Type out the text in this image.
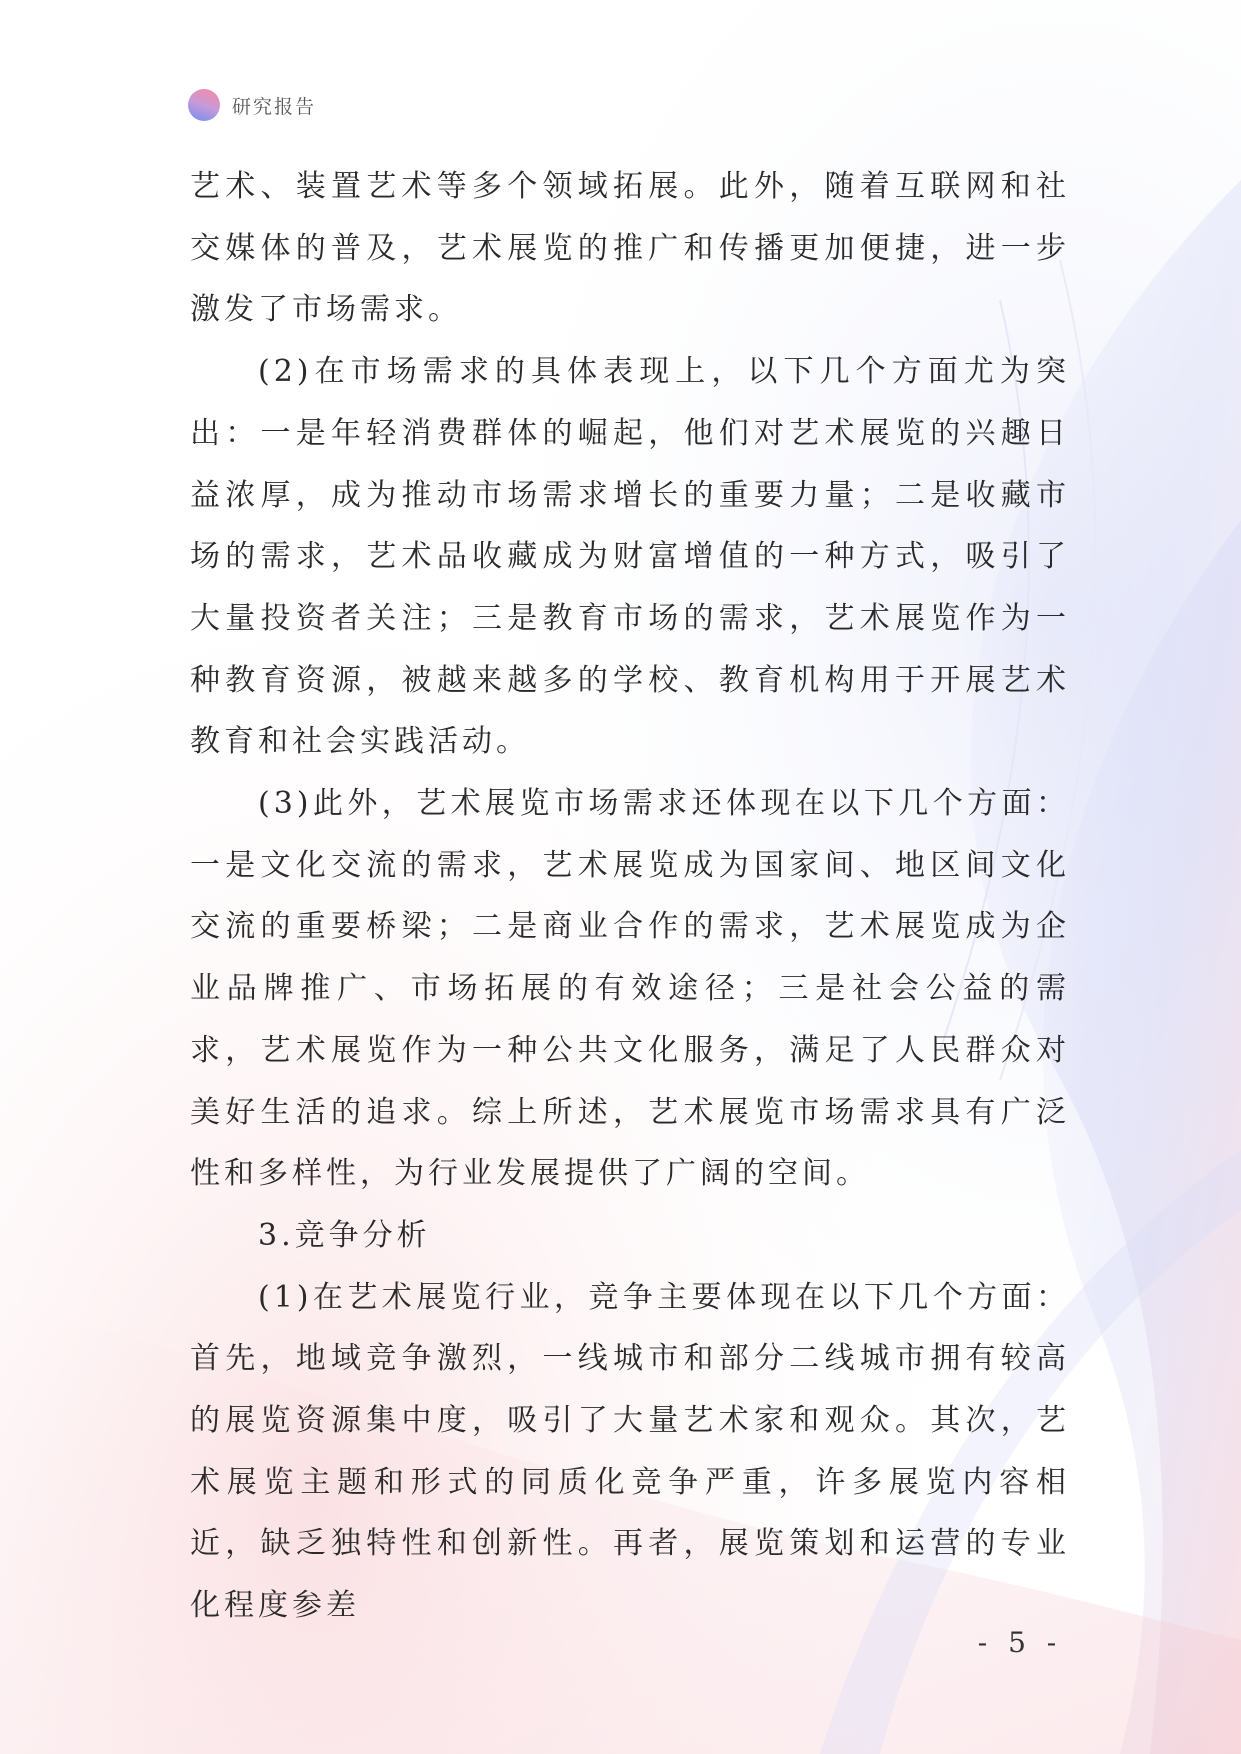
研究报告

艺术、装置艺术等多个领域拓展。此外，随着互联网和社交媒体的普及，艺术展览的推广和传播更加便捷，进一步激发了市场需求。

(2)在市场需求的具体表现上，以下几个方面尤为突出：一是年轻消费群体的崛起，他们对艺术展览的兴趣日益浓厚，成为推动市场需求增长的重要力量；二是收藏市场的需求，艺术品收藏成为财富增值的一种方式，吸引了大量投资者关注；三是教育市场的需求，艺术展览作为一种教育资源，被越来越多的学校、教育机构用于开展艺术教育和社会实践活动。

(3)此外，艺术展览市场需求还体现在以下几个方面：一是文化交流的需求，艺术展览成为国家间、地区间文化交流的重要桥梁；二是商业合作的需求，艺术展览成为企业品牌推广、市场拓展的有效途径；三是社会公益的需求，艺术展览作为一种公共文化服务，满足了人民群众对美好生活的追求。综上所述，艺术展览市场需求具有广泛性和多样性，为行业发展提供了广阔的空间。

3.竞争分析

(1)在艺术展览行业，竞争主要体现在以下几个方面：首先，地域竞争激烈，一线城市和部分二线城市拥有较高的展览资源集中度，吸引了大量艺术家和观众。其次，艺术展览主题和形式的同质化竞争严重，许多展览内容相近，缺乏独特性和创新性。再者，展览策划和运营的专业化程度参差

- 5 -
